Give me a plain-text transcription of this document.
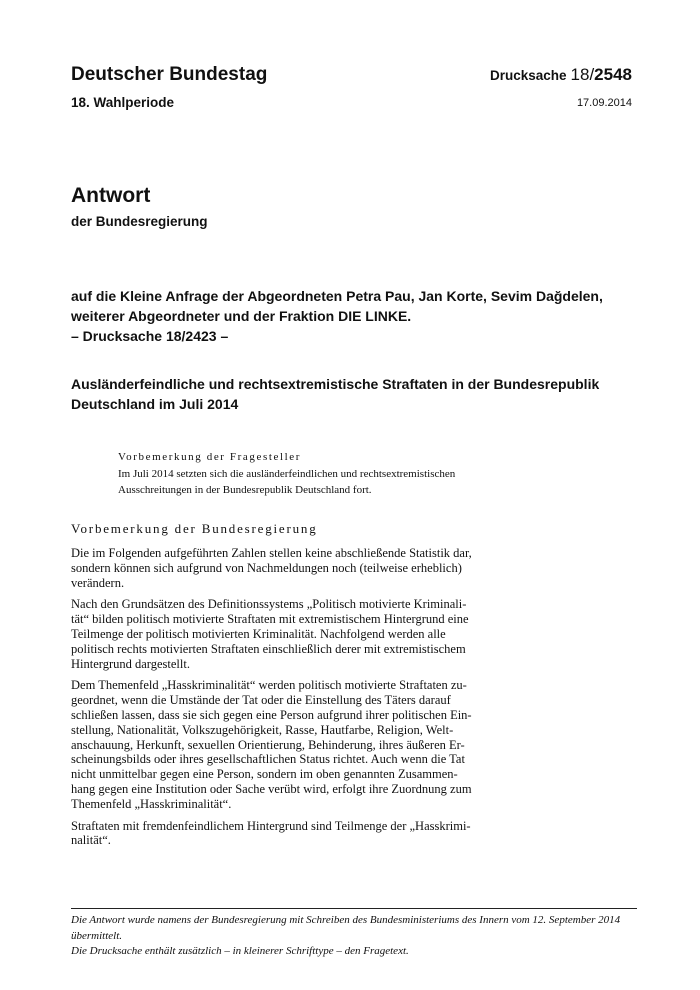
Deutscher Bundestag
18. Wahlperiode
Drucksache 18/2548
17.09.2014
Antwort
der Bundesregierung
auf die Kleine Anfrage der Abgeordneten Petra Pau, Jan Korte, Sevim Dağdelen,
weiterer Abgeordneter und der Fraktion DIE LINKE.
– Drucksache 18/2423 –
Ausländerfeindliche und rechtsextremistische Straftaten in der Bundesrepublik
Deutschland im Juli 2014
Vorbemerkung der Fragesteller
Im Juli 2014 setzten sich die ausländerfeindlichen und rechtsextremistischen
Ausschreitungen in der Bundesrepublik Deutschland fort.
Vorbemerkung der Bundesregierung
Die im Folgenden aufgeführten Zahlen stellen keine abschließende Statistik dar,
sondern können sich aufgrund von Nachmeldungen noch (teilweise erheblich)
verändern.
Nach den Grundsätzen des Definitionssystems „Politisch motivierte Kriminali-
tät“ bilden politisch motivierte Straftaten mit extremistischem Hintergrund eine
Teilmenge der politisch motivierten Kriminalität. Nachfolgend werden alle
politisch rechts motivierten Straftaten einschließlich derer mit extremistischem
Hintergrund dargestellt.
Dem Themenfeld „Hasskriminalität“ werden politisch motivierte Straftaten zu-
geordnet, wenn die Umstände der Tat oder die Einstellung des Täters darauf
schließen lassen, dass sie sich gegen eine Person aufgrund ihrer politischen Ein-
stellung, Nationalität, Volkszugehörigkeit, Rasse, Hautfarbe, Religion, Welt-
anschauung, Herkunft, sexuellen Orientierung, Behinderung, ihres äußeren Er-
scheinungsbilds oder ihres gesellschaftlichen Status richtet. Auch wenn die Tat
nicht unmittelbar gegen eine Person, sondern im oben genannten Zusammen-
hang gegen eine Institution oder Sache verübt wird, erfolgt ihre Zuordnung zum
Themenfeld „Hasskriminalität“.
Straftaten mit fremdenfeindlichem Hintergrund sind Teilmenge der „Hasskrimi-
nalität“.
Die Antwort wurde namens der Bundesregierung mit Schreiben des Bundesministeriums des Innern vom 12. September 2014
übermittelt.
Die Drucksache enthält zusätzlich – in kleinerer Schrifttype – den Fragetext.
